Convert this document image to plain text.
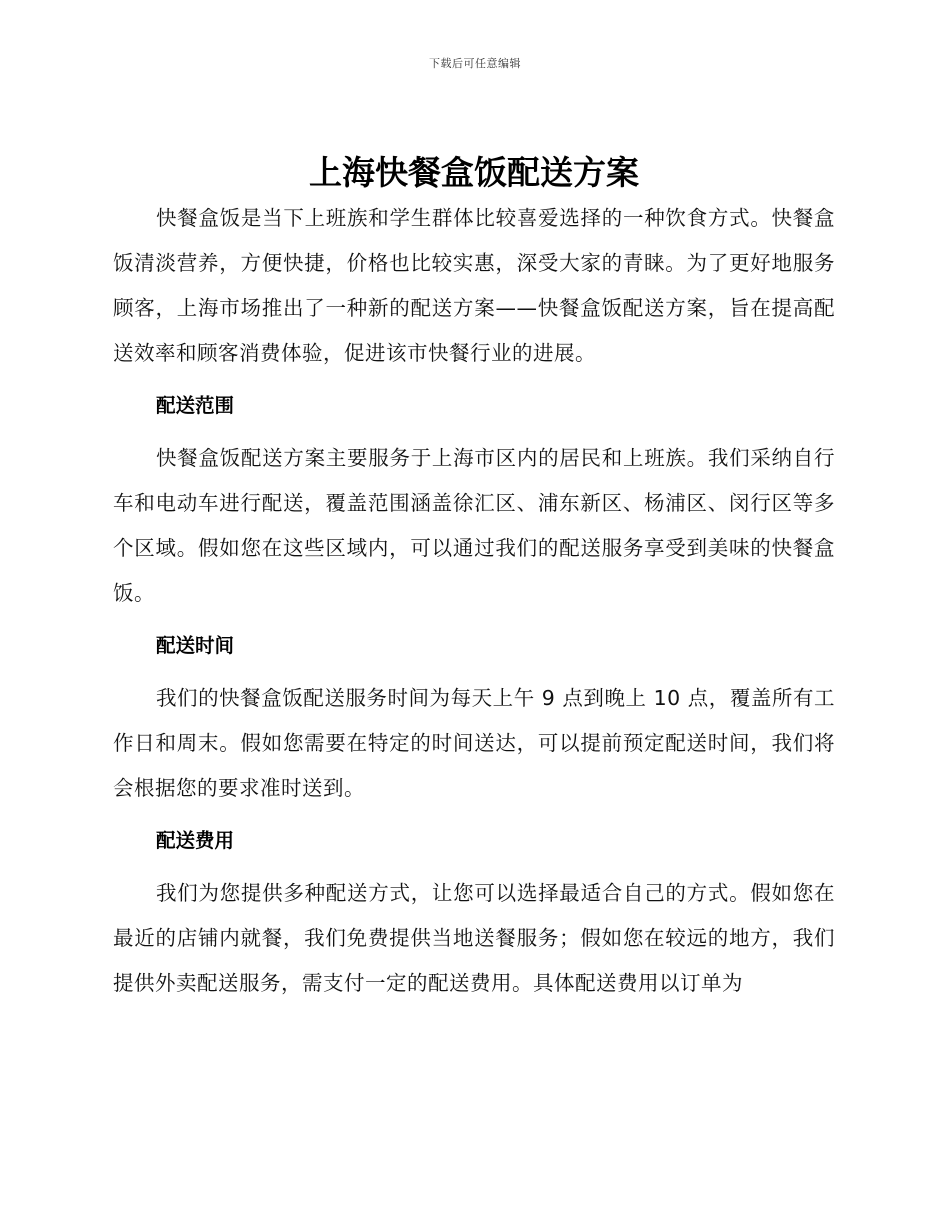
下载后可任意编辑
上海快餐盒饭配送方案

快餐盒饭是当下上班族和学生群体比较喜爱选择的一种饮食方式。快餐盒饭清淡营养，方便快捷，价格也比较实惠，深受大家的青睐。为了更好地服务顾客，上海市场推出了一种新的配送方案——快餐盒饭配送方案，旨在提高配送效率和顾客消费体验，促进该市快餐行业的进展。

配送范围

快餐盒饭配送方案主要服务于上海市区内的居民和上班族。我们采纳自行车和电动车进行配送，覆盖范围涵盖徐汇区、浦东新区、杨浦区、闵行区等多个区域。假如您在这些区域内，可以通过我们的配送服务享受到美味的快餐盒饭。

配送时间

我们的快餐盒饭配送服务时间为每天上午 9 点到晚上 10 点，覆盖所有工作日和周末。假如您需要在特定的时间送达，可以提前预定配送时间，我们将会根据您的要求准时送到。

配送费用

我们为您提供多种配送方式，让您可以选择最适合自己的方式。假如您在最近的店铺内就餐，我们免费提供当地送餐服务；假如您在较远的地方，我们提供外卖配送服务，需支付一定的配送费用。具体配送费用以订单为
